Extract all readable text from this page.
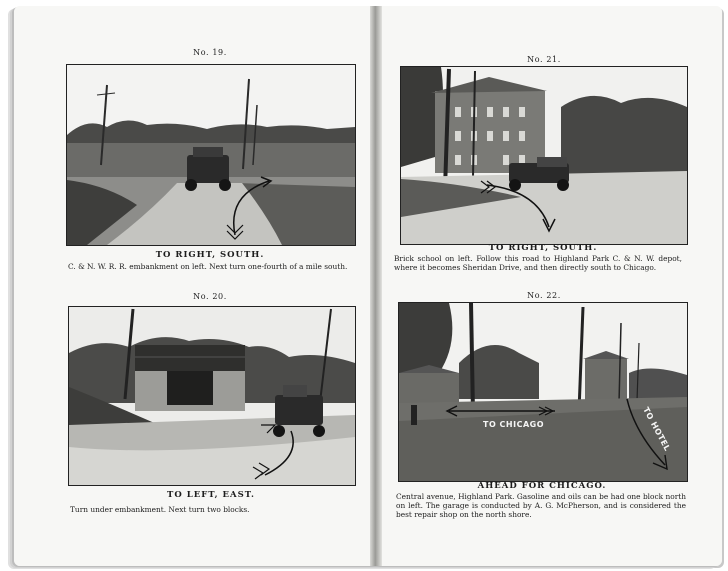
No. 19.
TO RIGHT, SOUTH.
C. & N. W. R. R. embankment on left. Next turn one-fourth of a mile south.
No. 20.
TO LEFT, EAST.
Turn under embankment. Next turn two blocks.
No. 21.
TO RIGHT, SOUTH.
Brick school on left. Follow this road to Highland Park C. & N. W. depot, where it becomes Sheridan Drive, and then directly south to Chicago.
No. 22.
TO CHICAGO	TO HOTEL
AHEAD FOR CHICAGO.
Central avenue, Highland Park. Gasoline and oils can be had one block north on left. The garage is conducted by A. G. McPherson, and is considered the best repair shop on the north shore.
